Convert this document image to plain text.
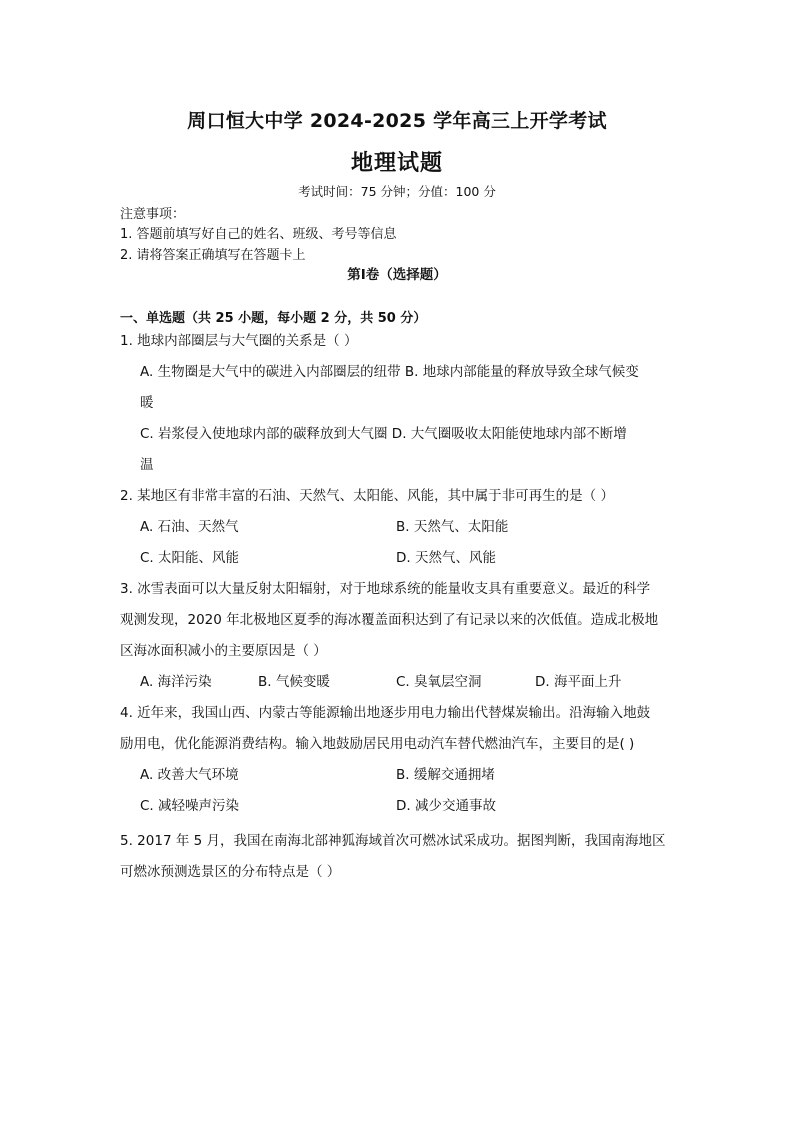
周口恒大中学 2024-2025 学年高三上开学考试
地理试题
考试时间：75 分钟；分值：100 分
注意事项：
1. 答题前填写好自己的姓名、班级、考号等信息
2. 请将答案正确填写在答题卡上
第Ⅰ卷（选择题）
一、单选题（共 25 小题，每小题 2 分，共 50 分）
1. 地球内部圈层与大气圈的关系是（ ）
A. 生物圈是大气中的碳进入内部圈层的纽带 B. 地球内部能量的释放导致全球气候变
暖
C. 岩浆侵入使地球内部的碳释放到大气圈 D. 大气圈吸收太阳能使地球内部不断增
温
2. 某地区有非常丰富的石油、天然气、太阳能、风能，其中属于非可再生的是（ ）
A. 石油、天然气	B. 天然气、太阳能
C. 太阳能、风能	D. 天然气、风能
3. 冰雪表面可以大量反射太阳辐射，对于地球系统的能量收支具有重要意义。最近的科学
观测发现，2020 年北极地区夏季的海冰覆盖面积达到了有记录以来的次低值。造成北极地
区海冰面积减小的主要原因是（ ）
A. 海洋污染	B. 气候变暖	C. 臭氧层空洞	D. 海平面上升
4. 近年来，我国山西、内蒙古等能源输出地逐步用电力输出代替煤炭输出。沿海输入地鼓
励用电，优化能源消费结构。输入地鼓励居民用电动汽车替代燃油汽车，主要目的是( )
A. 改善大气环境	B. 缓解交通拥堵
C. 减轻噪声污染	D. 减少交通事故
5. 2017 年 5 月，我国在南海北部神狐海域首次可燃冰试采成功。据图判断，我国南海地区
可燃冰预测选景区的分布特点是（ ）
